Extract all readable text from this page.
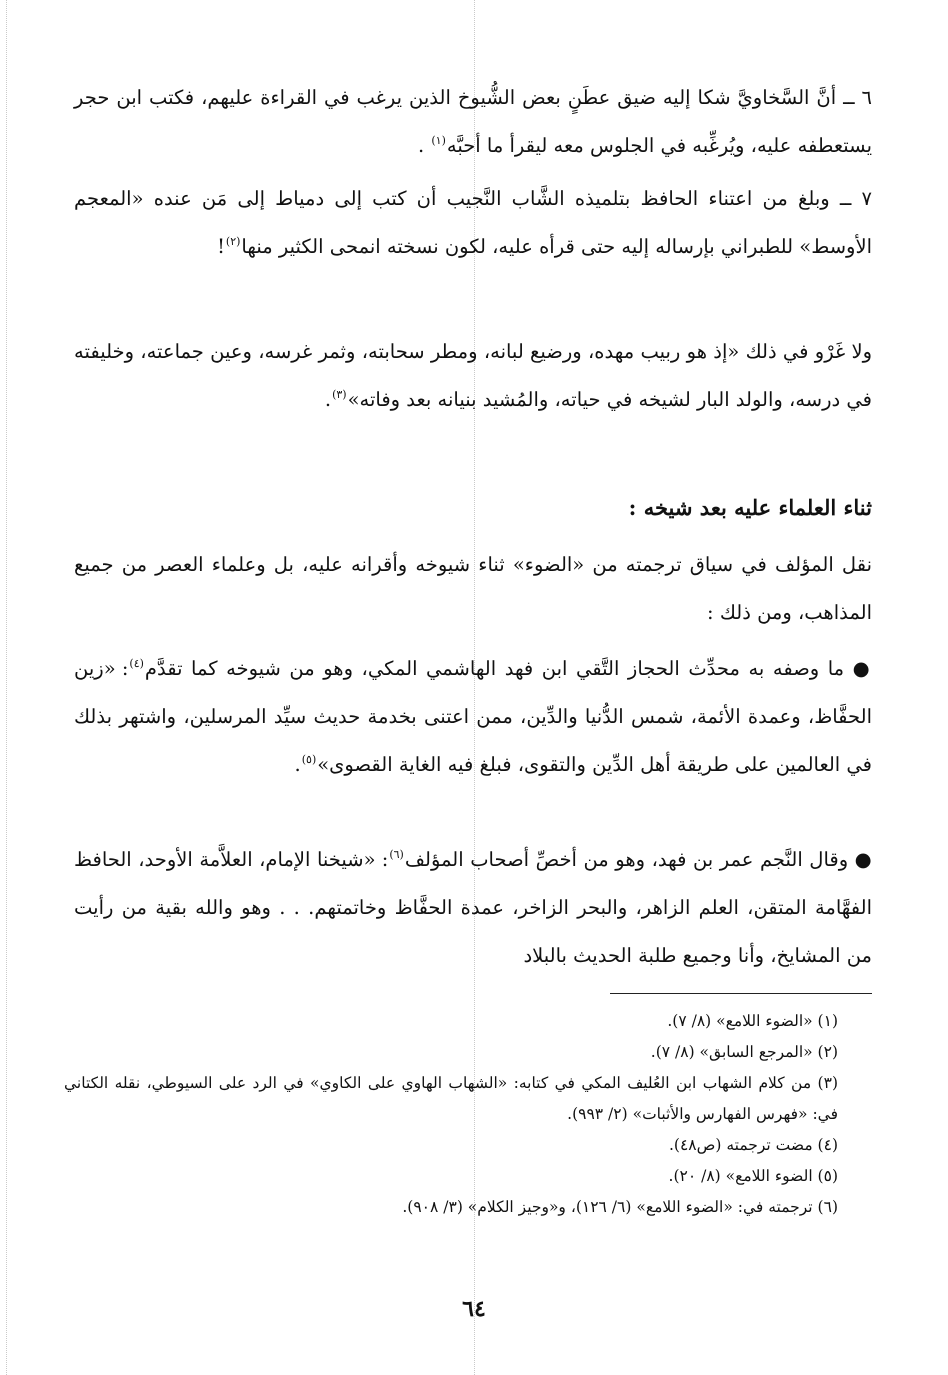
٦ ــ أنَّ السَّخاويَّ شكا إليه ضيق عطَنٍ بعض الشُّيوخ الذين يرغب في القراءة عليهم، فكتب ابن حجر يستعطفه عليه، ويُرغِّبه في الجلوس معه ليقرأ ما أحبَّه(١) .

٧ ــ وبلغ من اعتناء الحافظ بتلميذه الشَّاب النَّجيب أن كتب إلى دمياط إلى مَن عنده «المعجم الأوسط» للطبراني بإرساله إليه حتى قرأه عليه، لكون نسخته انمحى الكثير منها(٢)!

ولا غَرْو في ذلك «إذ هو ربيب مهده، ورضيع لبانه، ومطر سحابته، وثمر غرسه، وعين جماعته، وخليفته في درسه، والولد البار لشيخه في حياته، والمُشيد بنيانه بعد وفاته»(٣).

ثناء العلماء عليه بعد شيخه :

نقل المؤلف في سياق ترجمته من «الضوء» ثناء شيوخه وأقرانه عليه، بل وعلماء العصر من جميع المذاهب، ومن ذلك :

● ما وصفه به محدِّث الحجاز التَّقي ابن فهد الهاشمي المكي، وهو من شيوخه كما تقدَّم(٤): «زين الحفَّاظ، وعمدة الأئمة، شمس الدُّنيا والدِّين، ممن اعتنى بخدمة حديث سيِّد المرسلين، واشتهر بذلك في العالمين على طريقة أهل الدِّين والتقوى، فبلغ فيه الغاية القصوى»(٥).

● وقال النَّجم عمر بن فهد، وهو من أخصِّ أصحاب المؤلف(٦): «شيخنا الإمام، العلاَّمة الأوحد، الحافظ الفهَّامة المتقن، العلم الزاهر، والبحر الزاخر، عمدة الحفَّاظ وخاتمتهم. . . وهو والله بقية من رأيت من المشايخ، وأنا وجميع طلبة الحديث بالبلاد

(١) «الضوء اللامع» (٨/ ٧).

(٢) «المرجع السابق» (٨/ ٧).

(٣) من كلام الشهاب ابن العُليف المكي في كتابه: «الشهاب الهاوي على الكاوي» في الرد على السيوطي، نقله الكتاني في: «فهرس الفهارس والأثبات» (٢/ ٩٩٣).

(٤) مضت ترجمته (ص٤٨).

(٥) الضوء اللامع» (٨/ ٢٠).

(٦) ترجمته في: «الضوء اللامع» (٦/ ١٢٦)، و«وجيز الكلام» (٣/ ٩٠٨).

٦٤
